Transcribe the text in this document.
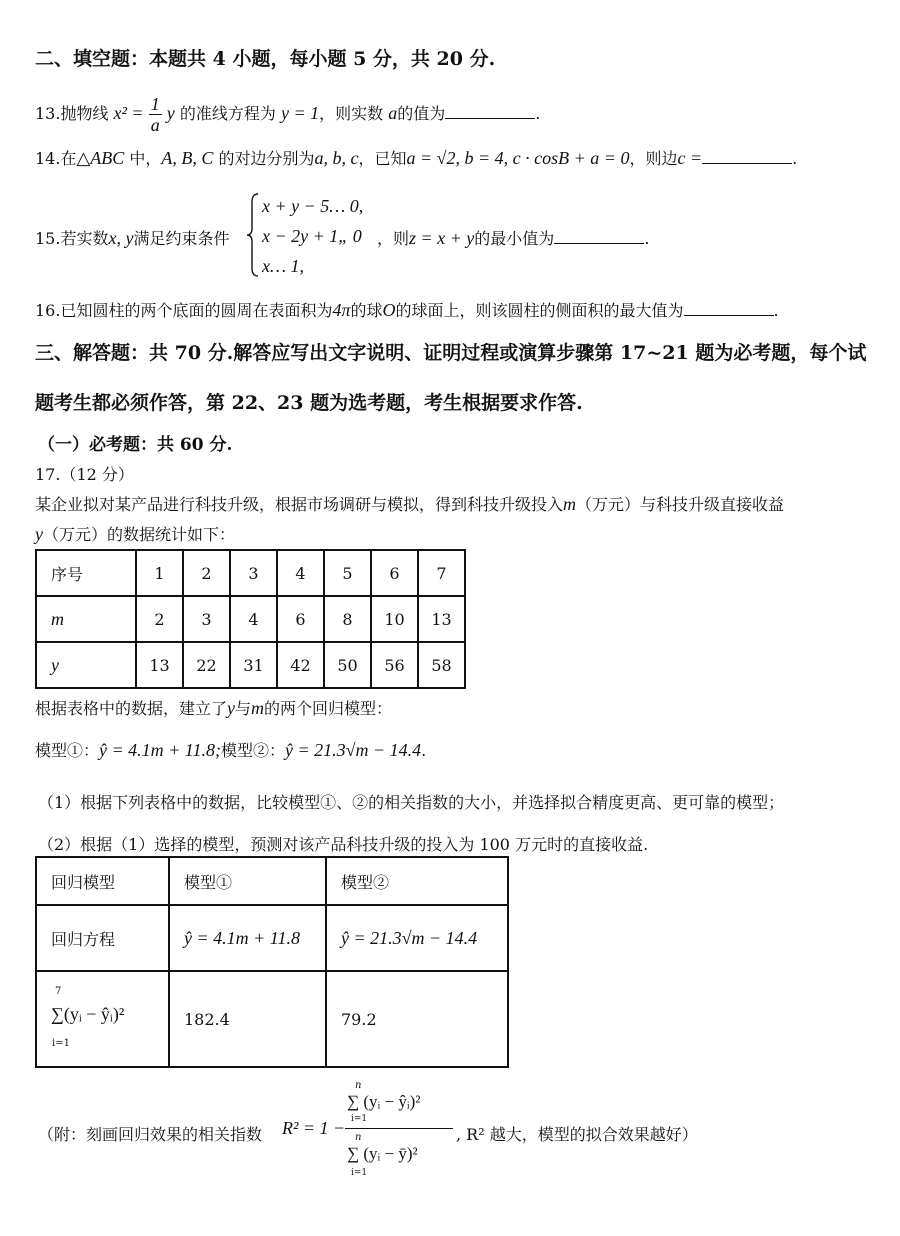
二、填空题：本题共 4 小题，每小题 5 分，共 20 分.
13.抛物线 $x^2 = \frac{1}{a}$ y 的准线方程为 y = 1，则实数 a的值为	.
14.在△ABC 中，A, B, C 的对边分别为a, b, c，已知a = √2, b = 4, c · cosB + a = 0，则边c =	.
15.若实数x, y满足约束条件
x + y − 5… 0,
x − 2y + 1„ 0
x… 1,
，则z = x + y的最小值为	.
16.已知圆柱的两个底面的圆周在表面积为4π的球O的球面上，则该圆柱的侧面积的最大值为	.
三、解答题：共 70 分.解答应写出文字说明、证明过程或演算步骤第 17~21 题为必考题，每个试
题考生都必须作答，第 22、23 题为选考题，考生根据要求作答.
（一）必考题：共 60 分.
17.（12 分）
某企业拟对某产品进行科技升级，根据市场调研与模拟，得到科技升级投入m（万元）与科技升级直接收益
y（万元）的数据统计如下：
序号	1	2	3	4	5	6	7
m	2	3	4	6	8	10	13
y	13	22	31	42	50	56	58
根据表格中的数据，建立了y与m的两个回归模型：
模型①：ŷ = 4.1m + 11.8;模型②：ŷ = 21.3√m − 14.4.
（1）根据下列表格中的数据，比较模型①、②的相关指数的大小，并选择拟合精度更高、更可靠的模型；
（2）根据（1）选择的模型，预测对该产品科技升级的投入为 100 万元时的直接收益.
回归模型	模型①	模型②
回归方程	ŷ = 4.1m + 11.8	ŷ = 21.3√m − 14.4

7
∑(yᵢ − ŷᵢ)²
i=1	182.4	79.2
（附：刻画回归效果的相关指数 R² = 1 −
n
∑ (yᵢ − ŷᵢ)²
i=1
n
∑ (yᵢ − ȳ)²
i=1
, R² 越大，模型的拟合效果越好）
